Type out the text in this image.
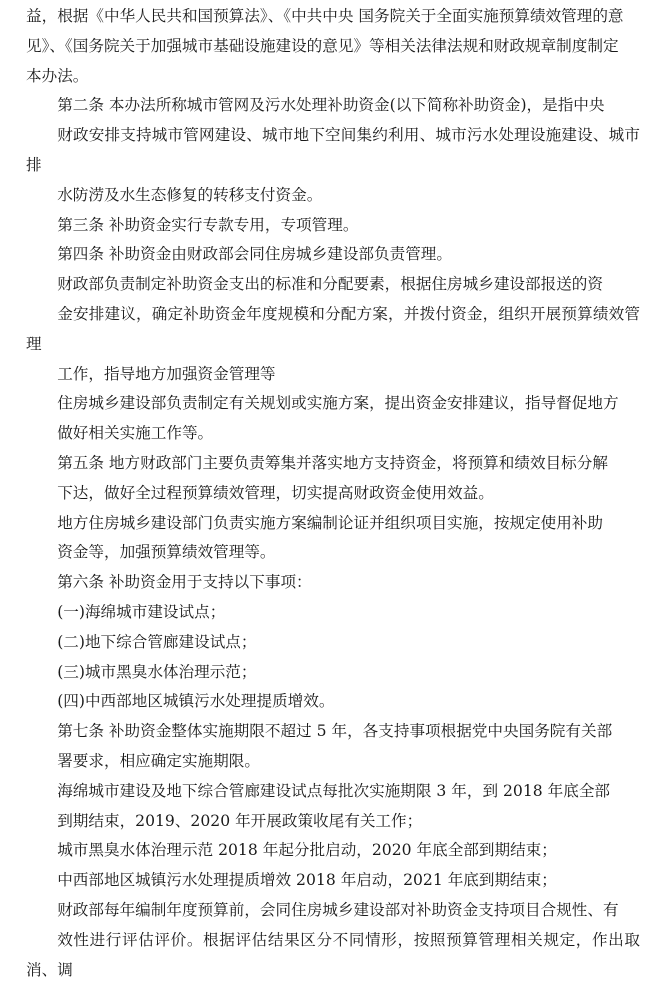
益，根据《中华人民共和国预算法》、《中共中央 国务院关于全面实施预算绩效管理的意
见》、《国务院关于加强城市基础设施建设的意见》等相关法律法规和财政规章制度制定
本办法。

第二条 本办法所称城市管网及污水处理补助资金(以下简称补助资金)，是指中央
财政安排支持城市管网建设、城市地下空间集约利用、城市污水处理设施建设、城市排
水防涝及水生态修复的转移支付资金。

第三条 补助资金实行专款专用，专项管理。

第四条 补助资金由财政部会同住房城乡建设部负责管理。

财政部负责制定补助资金支出的标准和分配要素，根据住房城乡建设部报送的资
金安排建议，确定补助资金年度规模和分配方案，并拨付资金，组织开展预算绩效管理
工作，指导地方加强资金管理等

住房城乡建设部负责制定有关规划或实施方案，提出资金安排建议，指导督促地方
做好相关实施工作等。

第五条 地方财政部门主要负责筹集并落实地方支持资金，将预算和绩效目标分解
下达，做好全过程预算绩效管理，切实提高财政资金使用效益。

地方住房城乡建设部门负责实施方案编制论证并组织项目实施，按规定使用补助
资金等，加强预算绩效管理等。

第六条 补助资金用于支持以下事项：

(一)海绵城市建设试点；

(二)地下综合管廊建设试点；

(三)城市黑臭水体治理示范；

(四)中西部地区城镇污水处理提质增效。

第七条 补助资金整体实施期限不超过 5 年，各支持事项根据党中央国务院有关部
署要求，相应确定实施期限。

海绵城市建设及地下综合管廊建设试点每批次实施期限 3 年，到 2018 年底全部
到期结束，2019、2020 年开展政策收尾有关工作；

城市黑臭水体治理示范 2018 年起分批启动，2020 年底全部到期结束；

中西部地区城镇污水处理提质增效 2018 年启动，2021 年底到期结束；

财政部每年编制年度预算前，会同住房城乡建设部对补助资金支持项目合规性、有
效性进行评估评价。根据评估结果区分不同情形，按照预算管理相关规定，作出取消、调
